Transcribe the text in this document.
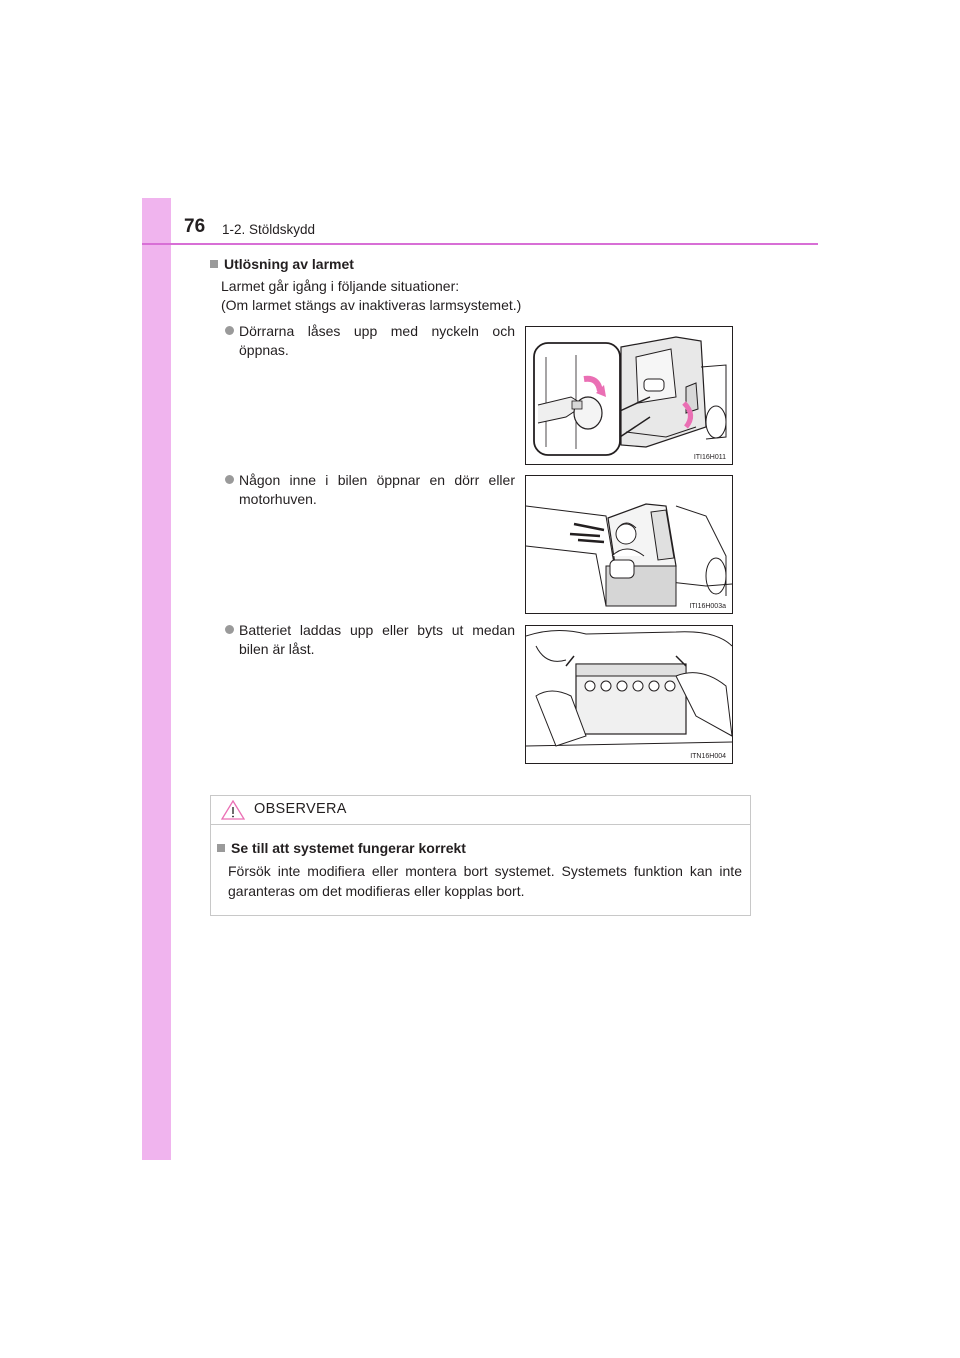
76 1-2. Stöldskydd

Utlösning av larmet

Larmet går igång i följande situationer:
(Om larmet stängs av inaktiveras larmsystemet.)
Dörrarna låses upp med nyckeln och öppnas.
ITI16H011
Någon inne i bilen öppnar en dörr eller motorhuven.
ITI16H003a
Batteriet laddas upp eller byts ut medan bilen är låst.
ITN16H004
OBSERVERA

Se till att systemet fungerar korrekt

Försök inte modifiera eller montera bort systemet. Systemets funktion kan inte garanteras om det modifieras eller kopplas bort.
